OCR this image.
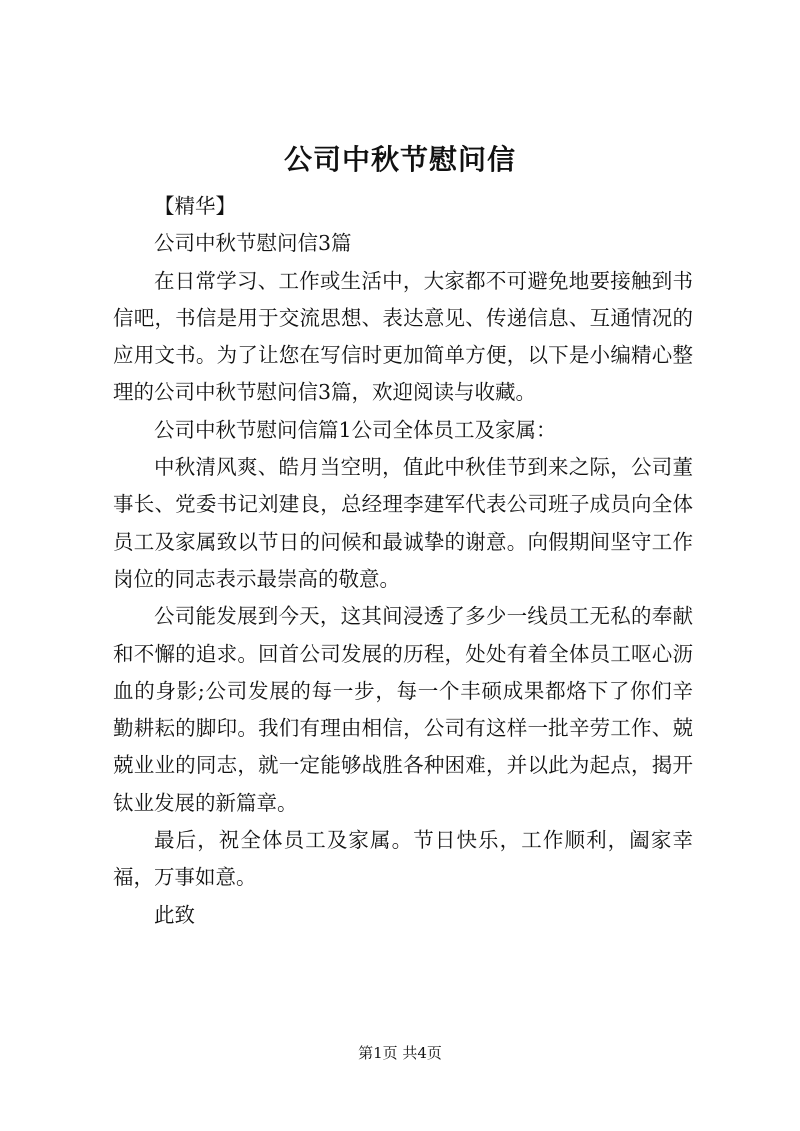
公司中秋节慰问信

【精华】

公司中秋节慰问信3篇

在日常学习、工作或生活中，大家都不可避免地要接触到书信吧，书信是用于交流思想、表达意见、传递信息、互通情况的应用文书。为了让您在写信时更加简单方便，以下是小编精心整理的公司中秋节慰问信3篇，欢迎阅读与收藏。

公司中秋节慰问信篇1公司全体员工及家属：

中秋清风爽、皓月当空明，值此中秋佳节到来之际，公司董事长、党委书记刘建良，总经理李建军代表公司班子成员向全体员工及家属致以节日的问候和最诚挚的谢意。向假期间坚守工作岗位的同志表示最崇高的敬意。

公司能发展到今天，这其间浸透了多少一线员工无私的奉献和不懈的追求。回首公司发展的历程，处处有着全体员工呕心沥血的身影;公司发展的每一步，每一个丰硕成果都烙下了你们辛勤耕耘的脚印。我们有理由相信，公司有这样一批辛劳工作、兢兢业业的同志，就一定能够战胜各种困难，并以此为起点，揭开钛业发展的新篇章。

最后，祝全体员工及家属。节日快乐，工作顺利，阖家幸福，万事如意。

此致

第1页 共4页
